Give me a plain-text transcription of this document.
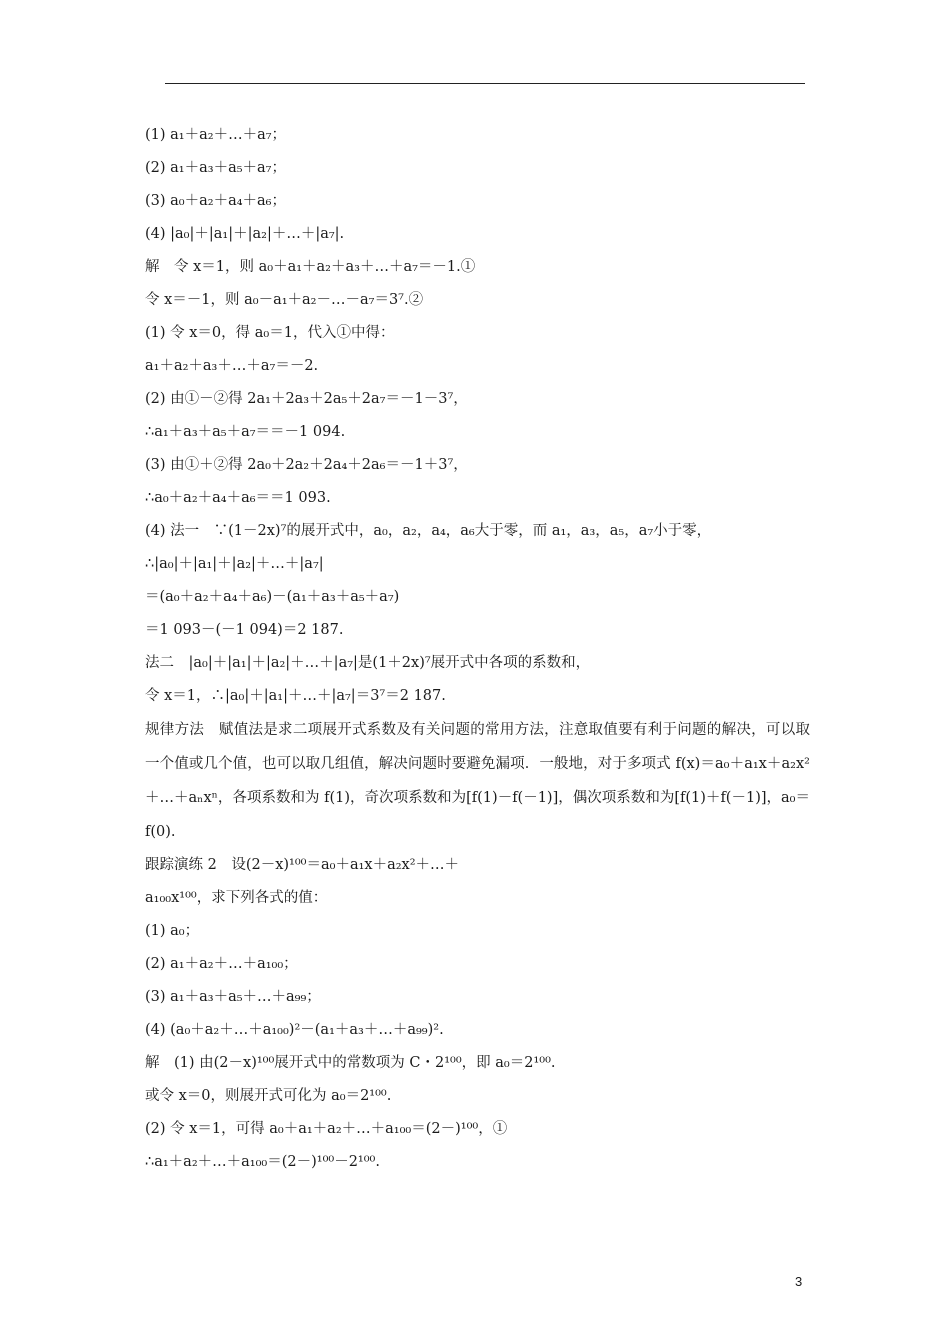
(1) a₁＋a₂＋…＋a₇；
(2) a₁＋a₃＋a₅＋a₇；
(3) a₀＋a₂＋a₄＋a₆；
(4) |a₀|＋|a₁|＋|a₂|＋…＋|a₇|.
解　令 x＝1，则 a₀＋a₁＋a₂＋a₃＋…＋a₇＝－1.①
令 x＝－1，则 a₀－a₁＋a₂－…－a₇＝3⁷.②
(1) 令 x＝0，得 a₀＝1，代入①中得：
a₁＋a₂＋a₃＋…＋a₇＝－2.
(2) 由①－②得 2a₁＋2a₃＋2a₅＋2a₇＝－1－3⁷，
∴a₁＋a₃＋a₅＋a₇＝＝－1 094.
(3) 由①＋②得 2a₀＋2a₂＋2a₄＋2a₆＝－1＋3⁷，
∴a₀＋a₂＋a₄＋a₆＝＝1 093.
(4) 法一　∵(1－2x)⁷的展开式中，a₀，a₂，a₄，a₆大于零，而 a₁，a₃，a₅，a₇小于零，
∴|a₀|＋|a₁|＋|a₂|＋…＋|a₇|
＝(a₀＋a₂＋a₄＋a₆)－(a₁＋a₃＋a₅＋a₇)
＝1 093－(－1 094)＝2 187.
法二　|a₀|＋|a₁|＋|a₂|＋…＋|a₇|是(1＋2x)⁷展开式中各项的系数和，
令 x＝1，∴|a₀|＋|a₁|＋…＋|a₇|＝3⁷＝2 187.
规律方法　赋值法是求二项展开式系数及有关问题的常用方法，注意取值要有利于问题的解决，可以取一个值或几个值，也可以取几组值，解决问题时要避免漏项．一般地，对于多项式 f(x)＝a₀＋a₁x＋a₂x²＋…＋aₙxⁿ，各项系数和为 f(1)，奇次项系数和为[f(1)－f(－1)]，偶次项系数和为[f(1)＋f(－1)]，a₀＝f(0).
跟踪演练 2　设(2－x)¹⁰⁰＝a₀＋a₁x＋a₂x²＋…＋
a₁₀₀x¹⁰⁰，求下列各式的值：
(1) a₀；
(2) a₁＋a₂＋…＋a₁₀₀；
(3) a₁＋a₃＋a₅＋…＋a₉₉；
(4) (a₀＋a₂＋…＋a₁₀₀)²－(a₁＋a₃＋…＋a₉₉)².
解　(1) 由(2－x)¹⁰⁰展开式中的常数项为 C・2¹⁰⁰，即 a₀＝2¹⁰⁰.
或令 x＝0，则展开式可化为 a₀＝2¹⁰⁰.
(2) 令 x＝1，可得 a₀＋a₁＋a₂＋…＋a₁₀₀＝(2－)¹⁰⁰，①
∴a₁＋a₂＋…＋a₁₀₀＝(2－)¹⁰⁰－2¹⁰⁰.
3
